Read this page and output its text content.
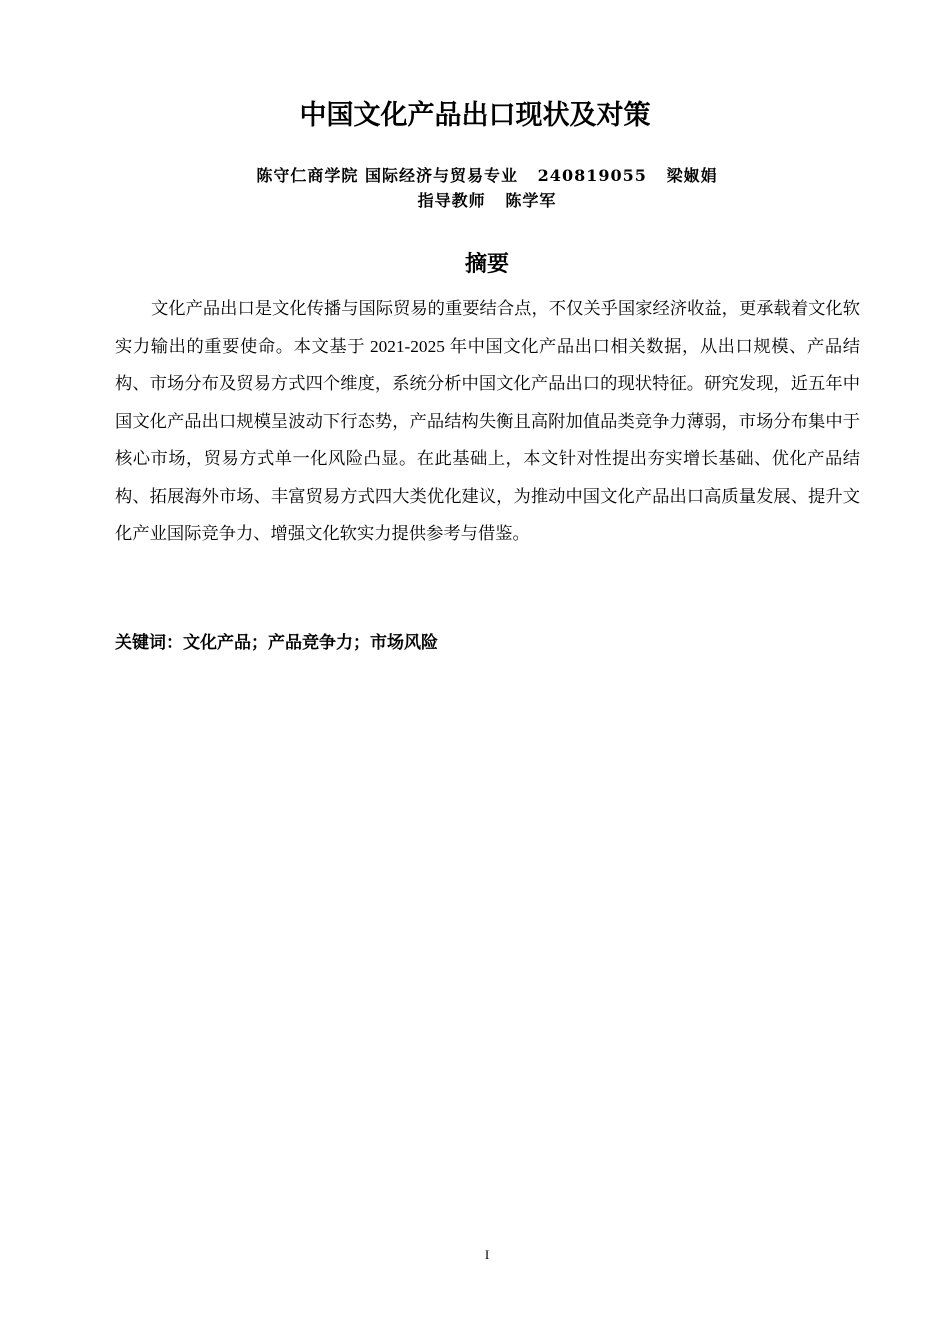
中国文化产品出口现状及对策
陈守仁商学院 国际经济与贸易专业   240819055   梁婌娟
指导教师   陈学军
摘要

文化产品出口是文化传播与国际贸易的重要结合点，不仅关乎国家经济收益，更承载着文化软实力输出的重要使命。本文基于 2021-2025 年中国文化产品出口相关数据，从出口规模、产品结构、市场分布及贸易方式四个维度，系统分析中国文化产品出口的现状特征。研究发现，近五年中国文化产品出口规模呈波动下行态势，产品结构失衡且高附加值品类竞争力薄弱，市场分布集中于核心市场，贸易方式单一化风险凸显。在此基础上，本文针对性提出夯实增长基础、优化产品结构、拓展海外市场、丰富贸易方式四大类优化建议，为推动中国文化产品出口高质量发展、提升文化产业国际竞争力、增强文化软实力提供参考与借鉴。

关键词：文化产品；产品竞争力；市场风险

I
